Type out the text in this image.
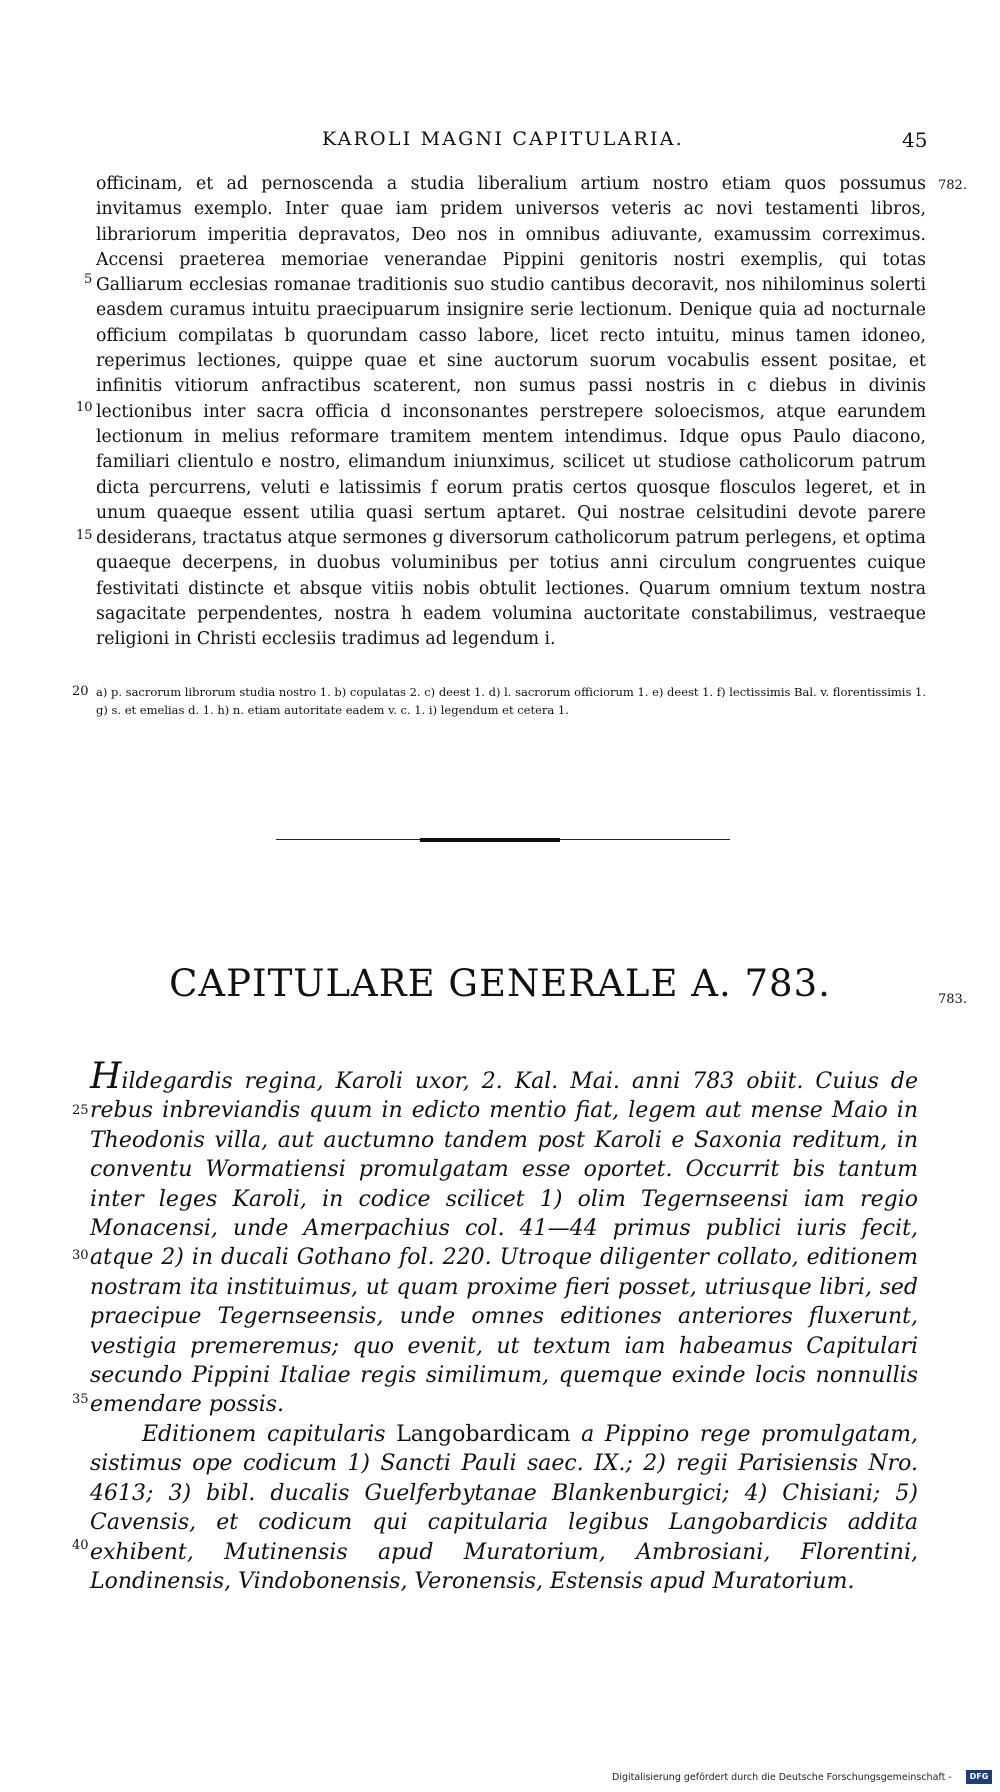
KAROLI MAGNI CAPITULARIA.	45
782.
783.
5
10
15
20
25
30
35
40

officinam, et ad pernoscenda a studia liberalium artium nostro etiam quos possumus invitamus exemplo. Inter quae iam pridem universos veteris ac novi testamenti libros, librariorum imperitia depravatos, Deo nos in omnibus adiuvante, examussim correximus. Accensi praeterea memoriae venerandae Pippini genitoris nostri exemplis, qui totas Galliarum ecclesias romanae traditionis suo studio cantibus decoravit, nos nihilominus solerti easdem curamus intuitu praecipuarum insignire serie lectionum. Denique quia ad nocturnale officium compilatas b quorundam casso labore, licet recto intuitu, minus tamen idoneo, reperimus lectiones, quippe quae et sine auctorum suorum vocabulis essent positae, et infinitis vitiorum anfractibus scaterent, non sumus passi nostris in c diebus in divinis lectionibus inter sacra officia d inconsonantes perstrepere soloecismos, atque earundem lectionum in melius reformare tramitem mentem intendimus. Idque opus Paulo diacono, familiari clientulo e nostro, elimandum iniunximus, scilicet ut studiose catholicorum patrum dicta percurrens, veluti e latissimis f eorum pratis certos quosque flosculos legeret, et in unum quaeque essent utilia quasi sertum aptaret. Qui nostrae celsitudini devote parere desiderans, tractatus atque sermones g diversorum catholicorum patrum perlegens, et optima quaeque decerpens, in duobus voluminibus per totius anni circulum congruentes cuique festivitati distincte et absque vitiis nobis obtulit lectiones. Quarum omnium textum nostra sagacitate perpendentes, nostra h eadem volumina auctoritate constabilimus, vestraeque religioni in Christi ecclesiis tradimus ad legendum i.

a) p. sacrorum librorum studia nostro 1. b) copulatas 2. c) deest 1. d) l. sacrorum officiorum 1. e) deest 1. f) lectissimis Bal. v. florentissimis 1. g) s. et emelias d. 1. h) n. etiam autoritate eadem v. c. 1. i) legendum et cetera 1.

CAPITULARE GENERALE A. 783.

Hildegardis regina, Karoli uxor, 2. Kal. Mai. anni 783 obiit. Cuius de rebus inbreviandis quum in edicto mentio fiat, legem aut mense Maio in Theodonis villa, aut auctumno tandem post Karoli e Saxonia reditum, in conventu Wormatiensi promulgatam esse oportet. Occurrit bis tantum inter leges Karoli, in codice scilicet 1) olim Tegernseensi iam regio Monacensi, unde Amerpachius col. 41—44 primus publici iuris fecit, atque 2) in ducali Gothano fol. 220. Utroque diligenter collato, editionem nostram ita instituimus, ut quam proxime fieri posset, utriusque libri, sed praecipue Tegernseensis, unde omnes editiones anteriores fluxerunt, vestigia premeremus; quo evenit, ut textum iam habeamus Capitulari secundo Pippini Italiae regis similimum, quemque exinde locis nonnullis emendare possis.

Editionem capitularis Langobardicam a Pippino rege promulgatam, sistimus ope codicum 1) Sancti Pauli saec. IX.; 2) regii Parisiensis Nro. 4613; 3) bibl. ducalis Guelferbytanae Blankenburgici; 4) Chisiani; 5) Cavensis, et codicum qui capitularia legibus Langobardicis addita exhibent, Mutinensis apud Muratorium, Ambrosiani, Florentini, Londinensis, Vindobonensis, Veronensis, Estensis apud Muratorium.

Digitalisierung gefördert durch die Deutsche Forschungsgemeinschaft -	DFG
